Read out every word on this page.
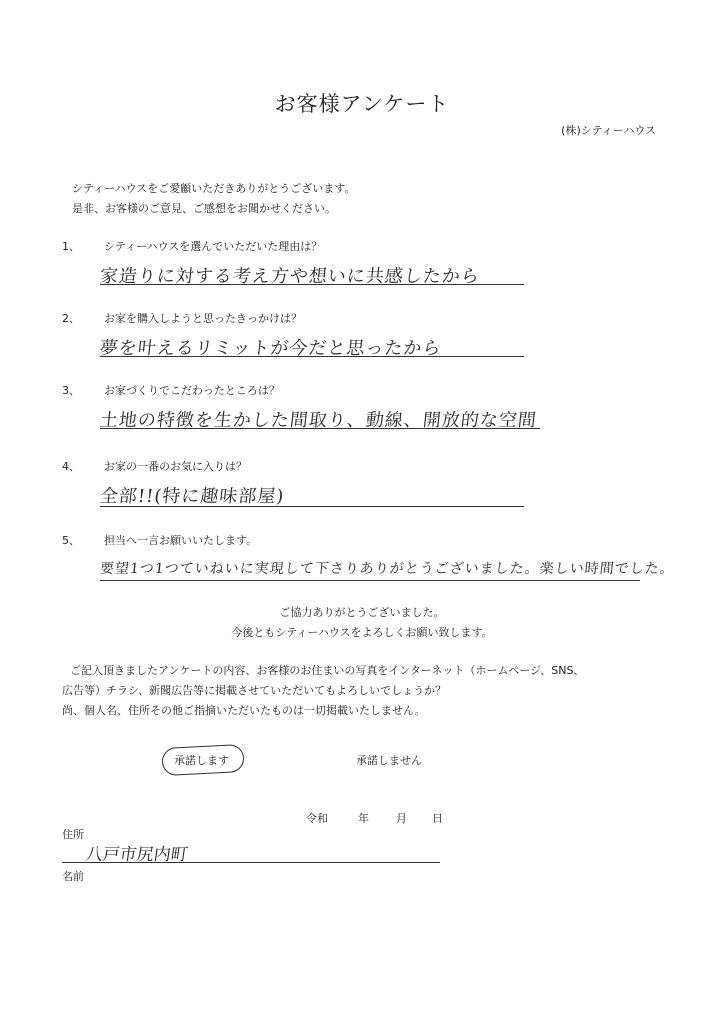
お客様アンケート
(株)シティーハウス
シティーハウスをご愛顧いただきありがとうございます。
是非、お客様のご意見、ご感想をお聞かせください。
1、 シティーハウスを選んでいただいた理由は？
家造りに対する考え方や想いに共感したから
2、 お家を購入しようと思ったきっかけは？
夢を叶えるリミットが今だと思ったから
3、 お家づくりでこだわったところは？
土地の特徴を生かした間取り、動線、開放的な空間
4、 お家の一番のお気に入りは？
全部!!(特に趣味部屋)
5、 担当へ一言お願いいたします。
要望1つ1つていねいに実現して下さりありがとうございました。楽しい時間でした。
ご協力ありがとうございました。
今後ともシティーハウスをよろしくお願い致します。
ご記入頂きましたアンケートの内容、お客様のお住まいの写真をインターネット（ホームページ、SNS、
広告等）チラシ、新聞広告等に掲載させていただいてもよろしいでしょうか？
尚、個人名、住所その他ご指摘いただいたものは一切掲載いたしません。
承諾します	承諾しません
令和	年 月 日
住所
八戸市尻内町
名前
